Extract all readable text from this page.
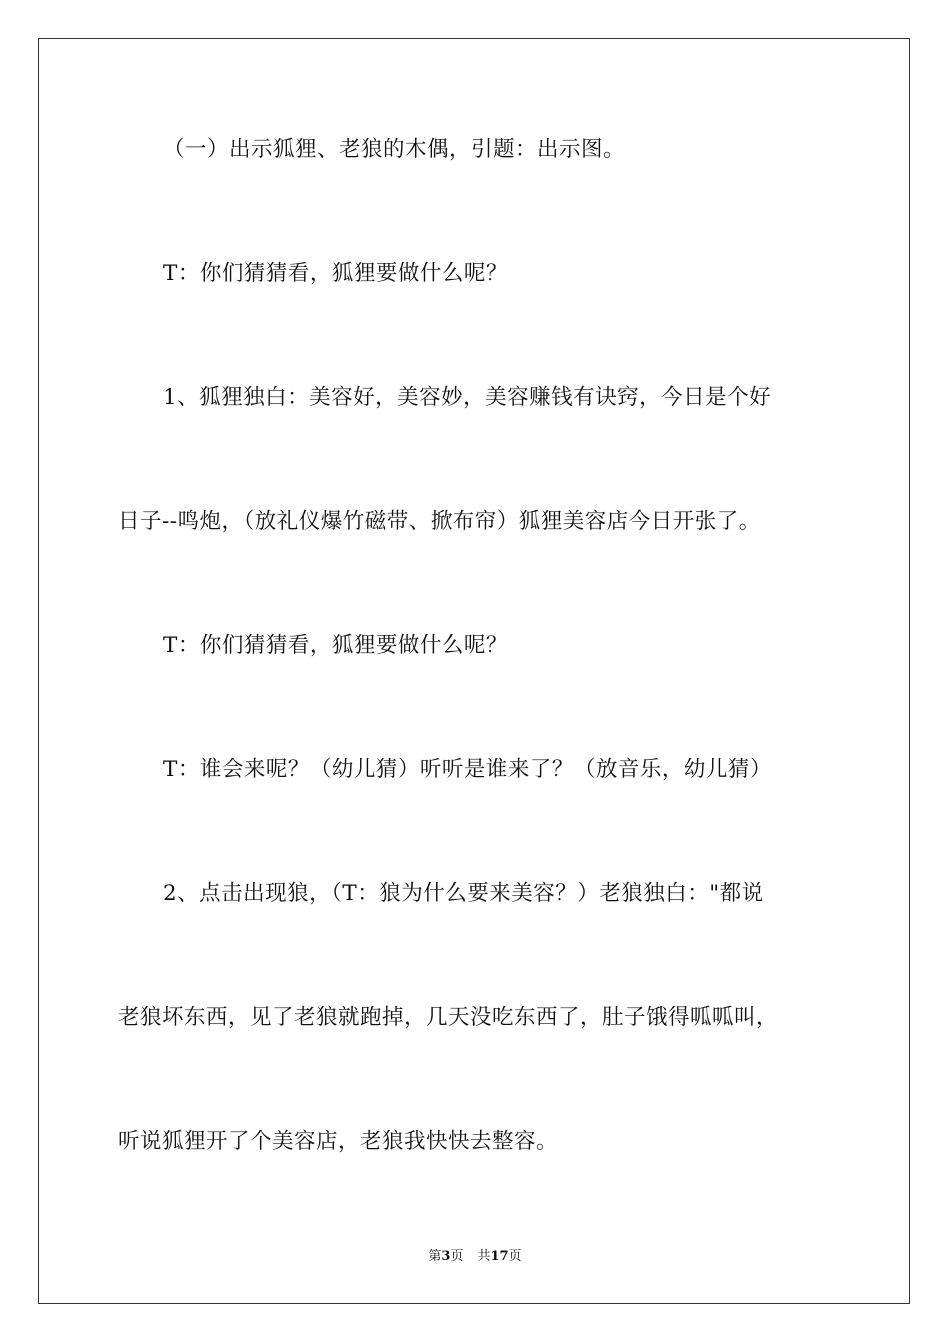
（一）出示狐狸、老狼的木偶，引题：出示图。
T：你们猜猜看，狐狸要做什么呢？
1、狐狸独白：美容好，美容妙，美容赚钱有诀窍，今日是个好
日子--鸣炮，（放礼仪爆竹磁带、掀布帘）狐狸美容店今日开张了。
T：你们猜猜看，狐狸要做什么呢？
T：谁会来呢？（幼儿猜）听听是谁来了？（放音乐，幼儿猜）
2、点击出现狼，（T：狼为什么要来美容？）老狼独白："都说
老狼坏东西，见了老狼就跑掉，几天没吃东西了，肚子饿得呱呱叫，
听说狐狸开了个美容店，老狼我快快去整容。
第3页 共17页
